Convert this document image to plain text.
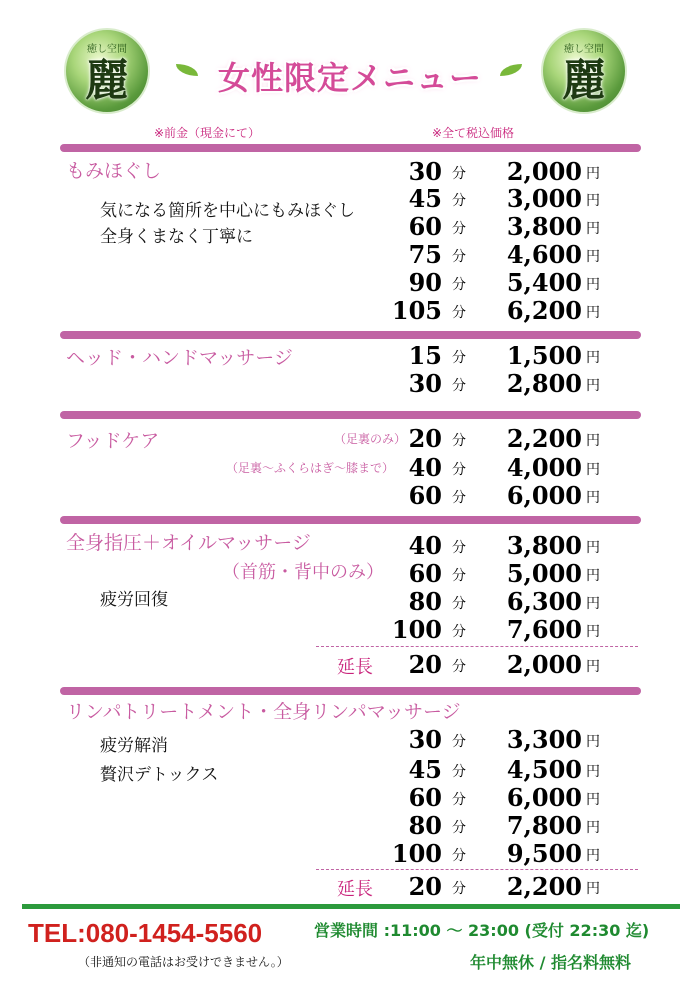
癒し空間
麗
癒し空間
麗
女性限定メニュー
※前金（現金にて）	※全て税込価格
もみほぐし
気になる箇所を中心にもみほぐし
全身くまなく丁寧に
ヘッド・ハンドマッサージ
フッドケア	（足裏のみ）
（足裏～ふくらはぎ～膝まで）
全身指圧＋オイルマッサージ
（首筋・背中のみ）
疲労回復
延長
リンパトリートメント・全身リンパマッサージ
疲労解消
贅沢デトックス
延長
TEL:080-1454-5560
（非通知の電話はお受けできません。）
営業時間 :11:00 ～ 23:00 (受付 22:30 迄)
年中無休 / 指名料無料
30 分 2,000 円
45 分 3,000 円
60 分 3,800 円
75 分 4,600 円
90 分 5,400 円
105 分 6,200 円
15 分 1,500 円
30 分 2,800 円
20 分 2,200 円
40 分 4,000 円
60 分 6,000 円
40 分 3,800 円
60 分 5,000 円
80 分 6,300 円
100 分 7,600 円
20 分 2,000 円
30 分 3,300 円
45 分 4,500 円
60 分 6,000 円
80 分 7,800 円
100 分 9,500 円
20 分 2,200 円
